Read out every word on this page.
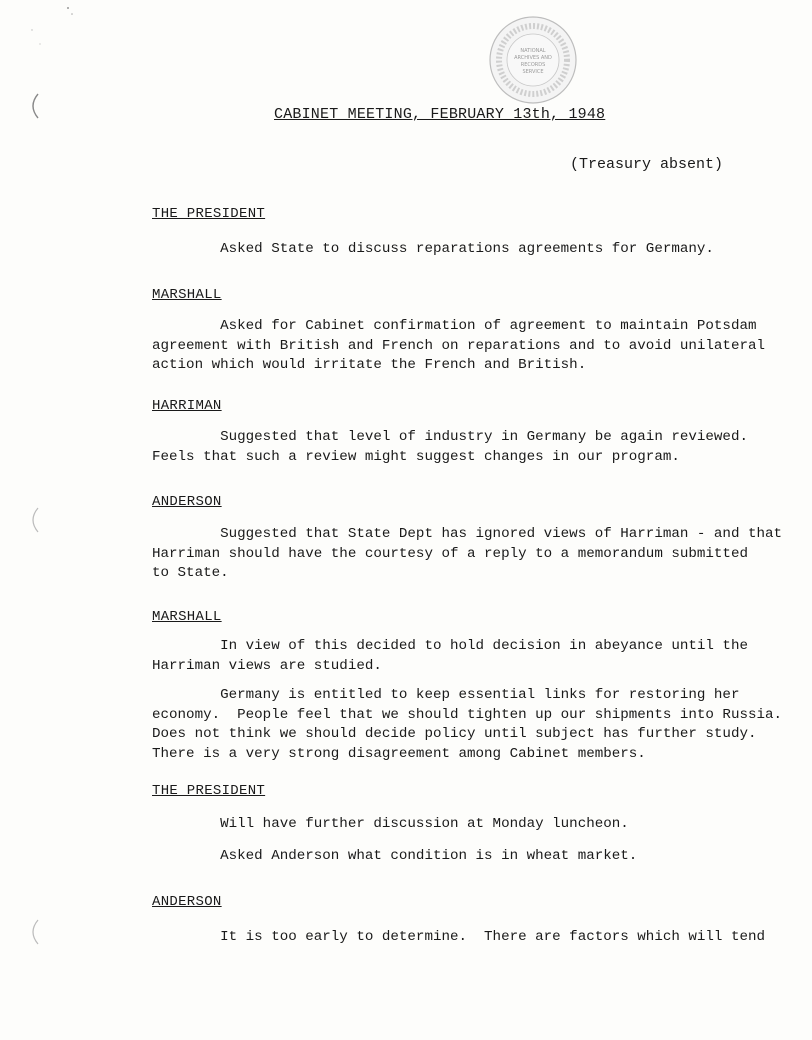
NATIONAL
ARCHIVES AND
RECORDS
SERVICE
CABINET MEETING, FEBRUARY 13th, 1948
(Treasury absent)
THE PRESIDENT
Asked State to discuss reparations agreements for Germany.
MARSHALL
Asked for Cabinet confirmation of agreement to maintain Potsdam
agreement with British and French on reparations and to avoid unilateral
action which would irritate the French and British.
HARRIMAN
Suggested that level of industry in Germany be again reviewed.
Feels that such a review might suggest changes in our program.
ANDERSON
Suggested that State Dept has ignored views of Harriman - and that
Harriman should have the courtesy of a reply to a memorandum submitted
to State.
MARSHALL
In view of this decided to hold decision in abeyance until the
Harriman views are studied.
Germany is entitled to keep essential links for restoring her
economy.  People feel that we should tighten up our shipments into Russia.
Does not think we should decide policy until subject has further study.
There is a very strong disagreement among Cabinet members.
THE PRESIDENT
Will have further discussion at Monday luncheon.
Asked Anderson what condition is in wheat market.
ANDERSON
It is too early to determine.  There are factors which will tend
